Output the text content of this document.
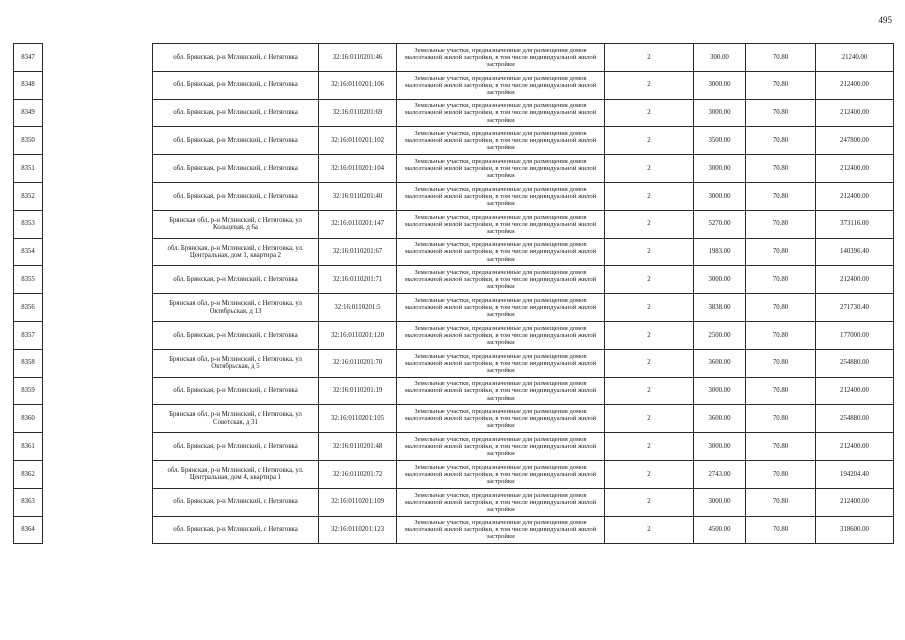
495
8347		обл. Брянская, р-н Мглинский, с Нетяговка	32:16:0110201:46	Земельные участки, предназначенные для размещения домов малоэтажной жилой застройки, в том числе индивидуальной жилой застройки	2	300.00	70.80	21240.00
8348		обл. Брянская, р-н Мглинский, с Нетяговка	32:16:0110201:106	Земельные участки, предназначенные для размещения домов малоэтажной жилой застройки, в том числе индивидуальной жилой застройки	2	3000.00	70.80	212400.00
8349		обл. Брянская, р-н Мглинский, с Нетяговка	32:16:0110201:69	Земельные участки, предназначенные для размещения домов малоэтажной жилой застройки, в том числе индивидуальной жилой застройки	2	3000.00	70.80	212400.00
8350		обл. Брянская, р-н Мглинский, с Нетяговка	32:16:0110201:102	Земельные участки, предназначенные для размещения домов малоэтажной жилой застройки, в том числе индивидуальной жилой застройки	2	3500.00	70.80	247800.00
8351		обл. Брянская, р-н Мглинский, с Нетяговка	32:16:0110201:104	Земельные участки, предназначенные для размещения домов малоэтажной жилой застройки, в том числе индивидуальной жилой застройки	2	3000.00	70.80	212400.00
8352		обл. Брянская, р-н Мглинский, с Нетяговка	32:16:0110201:40	Земельные участки, предназначенные для размещения домов малоэтажной жилой застройки, в том числе индивидуальной жилой застройки	2	3000.00	70.80	212400.00
8353		Брянская обл, р-н Мглинский, с Нетяговка, ул Кольцевая, д 6а	32:16:0110201:147	Земельные участки, предназначенные для размещения домов малоэтажной жилой застройки, в том числе индивидуальной жилой застройки	2	5270.00	70.80	373116.00
8354		обл. Брянская, р-н Мглинский, с Нетяговка, ул. Центральная, дом 1, квартира 2	32:16:0110201:67	Земельные участки, предназначенные для размещения домов малоэтажной жилой застройки, в том числе индивидуальной жилой застройки	2	1983.00	70.80	140396.40
8355		обл. Брянская, р-н Мглинский, с Нетяговка	32:16:0110201:71	Земельные участки, предназначенные для размещения домов малоэтажной жилой застройки, в том числе индивидуальной жилой застройки	2	3000.00	70.80	212400.00
8356		Брянская обл, р-н Мглинский, с Нетяговка, ул Октябрьская, д 13	32:16:0110201:5	Земельные участки, предназначенные для размещения домов малоэтажной жилой застройки, в том числе индивидуальной жилой застройки	2	3838.00	70.80	271730.40
8357		обл. Брянская, р-н Мглинский, с Нетяговка	32:16:0110201:120	Земельные участки, предназначенные для размещения домов малоэтажной жилой застройки, в том числе индивидуальной жилой застройки	2	2500.00	70.80	177000.00
8358		Брянская обл, р-н Мглинский, с Нетяговка, ул Октябрьская, д 5	32:16:0110201:70	Земельные участки, предназначенные для размещения домов малоэтажной жилой застройки, в том числе индивидуальной жилой застройки	2	3600.00	70.80	254880.00
8359		обл. Брянская, р-н Мглинский, с Нетяговка	32:16:0110201:19	Земельные участки, предназначенные для размещения домов малоэтажной жилой застройки, в том числе индивидуальной жилой застройки	2	3000.00	70.80	212400.00
8360		Брянская обл, р-н Мглинский, с Нетяговка, ул Советская, д 31	32:16:0110201:105	Земельные участки, предназначенные для размещения домов малоэтажной жилой застройки, в том числе индивидуальной жилой застройки	2	3600.00	70.80	254880.00
8361		обл. Брянская, р-н Мглинский, с Нетяговка	32:16:0110201:48	Земельные участки, предназначенные для размещения домов малоэтажной жилой застройки, в том числе индивидуальной жилой застройки	2	3000.00	70.80	212400.00
8362		обл. Брянская, р-н Мглинский, с Нетяговка, ул. Центральная, дом 4, квартира 1	32:16:0110201:72	Земельные участки, предназначенные для размещения домов малоэтажной жилой застройки, в том числе индивидуальной жилой застройки	2	2743.00	70.80	194204.40
8363		обл. Брянская, р-н Мглинский, с Нетяговка	32:16:0110201:109	Земельные участки, предназначенные для размещения домов малоэтажной жилой застройки, в том числе индивидуальной жилой застройки	2	3000.00	70.80	212400.00
8364		обл. Брянская, р-н Мглинский, с Нетяговка	32:16:0110201:123	Земельные участки, предназначенные для размещения домов малоэтажной жилой застройки, в том числе индивидуальной жилой застройки	2	4500.00	70.80	318600.00
